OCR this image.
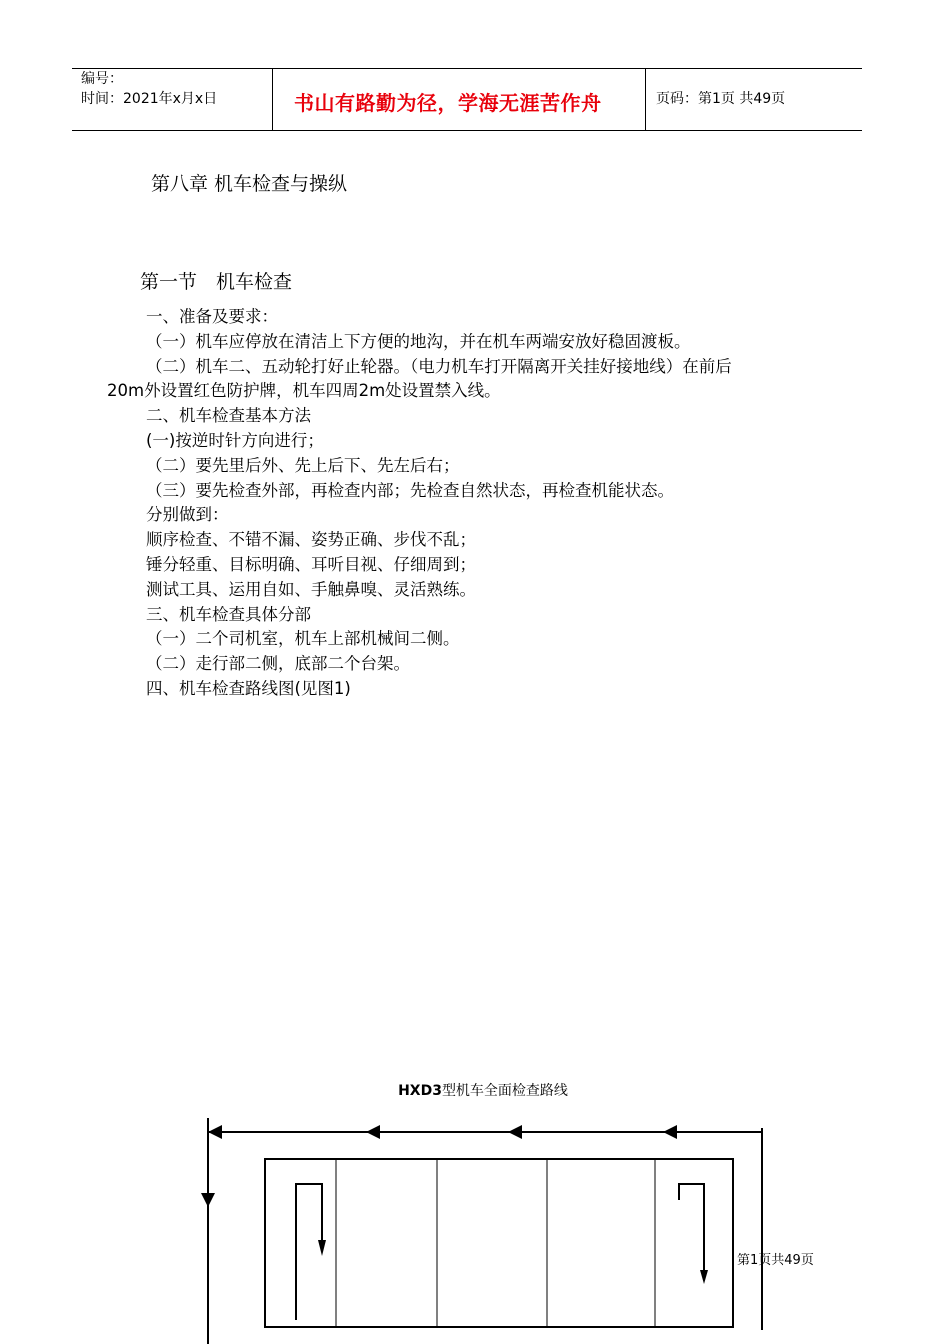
编号：
时间：2021年x月x日	书山有路勤为径，学海无涯苦作舟	页码：第1页 共49页
第八章 机车检查与操纵
第一节　机车检查
一、准备及要求：
（一）机车应停放在清洁上下方便的地沟，并在机车两端安放好稳固渡板。
（二）机车二、五动轮打好止轮器。（电力机车打开隔离开关挂好接地线）在前后
20m外设置红色防护牌，机车四周2m处设置禁入线。
二、机车检查基本方法
(一)按逆时针方向进行；
（二）要先里后外、先上后下、先左后右；
（三）要先检查外部，再检查内部；先检查自然状态，再检查机能状态。
分别做到：
顺序检查、不错不漏、姿势正确、步伐不乱；
锤分轻重、目标明确、耳听目视、仔细周到；
测试工具、运用自如、手触鼻嗅、灵活熟练。
三、机车检查具体分部
（一）二个司机室，机车上部机械间二侧。
（二）走行部二侧，底部二个台架。
四、机车检查路线图(见图1)
HXD3型机车全面检查路线
第1页共49页
